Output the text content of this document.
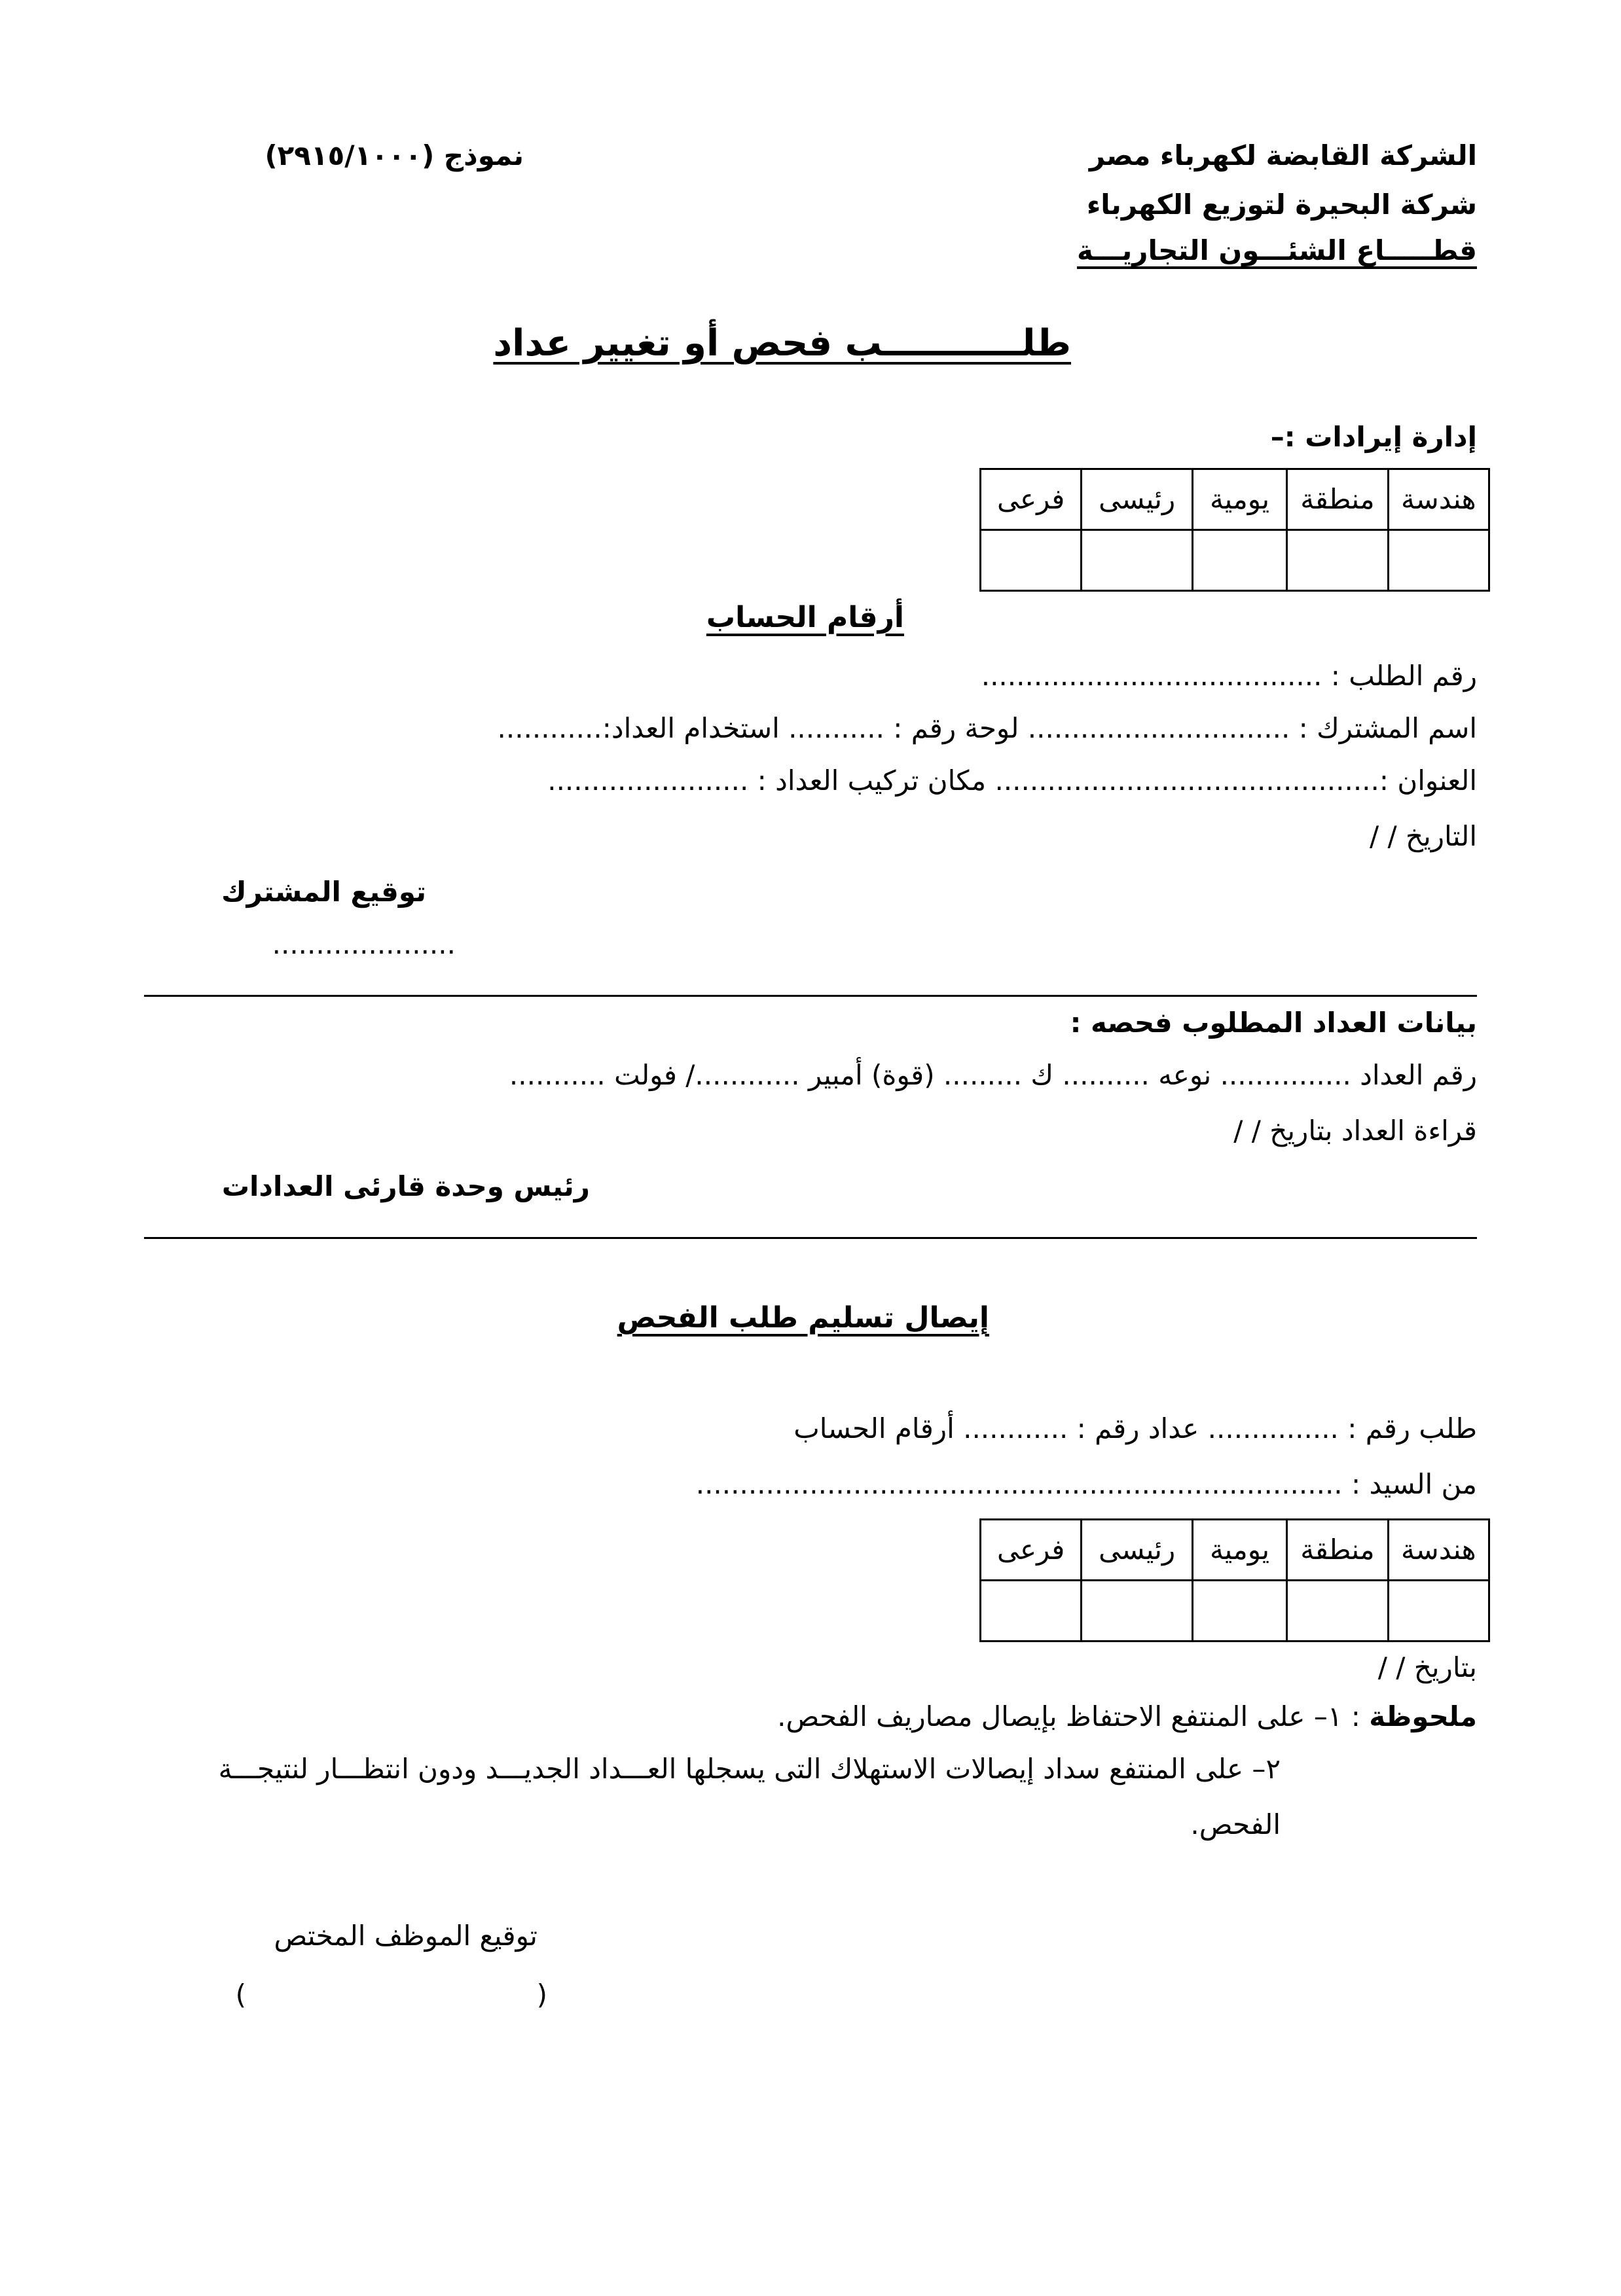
الشركة القابضة لكهرباء مصر
شركة البحيرة لتوزيع الكهرباء
قطـــــاع الشئـــون التجاريـــة
نموذج (٢٩١٥/١٠٠٠)
طلـــــــــــب فحص أو تغيير عداد
إدارة إيرادات :–
هندسة	منطقة	يومية	رئيسى	فرعى

أرقام الحساب
رقم الطلب : .......................................
اسم المشترك : .............................. لوحة رقم : ........... استخدام العداد:............
العنوان :............................................ مكان تركيب العداد : .......................
التاريخ / /
توقيع المشترك
.....................
بيانات العداد المطلوب فحصه :
رقم العداد ............... نوعه .......... ك ......... (قوة) أمبير ............/ فولت ...........
قراءة العداد بتاريخ / /
رئيس وحدة قارئى العدادات
إيصال تسليم طلب الفحص
طلب رقم : ............... عداد رقم : ............ أرقام الحساب
من السيد : ..........................................................................
هندسة	منطقة	يومية	رئيسى	فرعى

بتاريخ / /
ملحوظة : ١– على المنتفع الاحتفاظ بإيصال مصاريف الفحص.
٢– على المنتفع سداد إيصالات الاستهلاك التى يسجلها العـــداد الجديـــد ودون انتظـــار لنتيجـــة
الفحص.
توقيع الموظف المختص
(
)
